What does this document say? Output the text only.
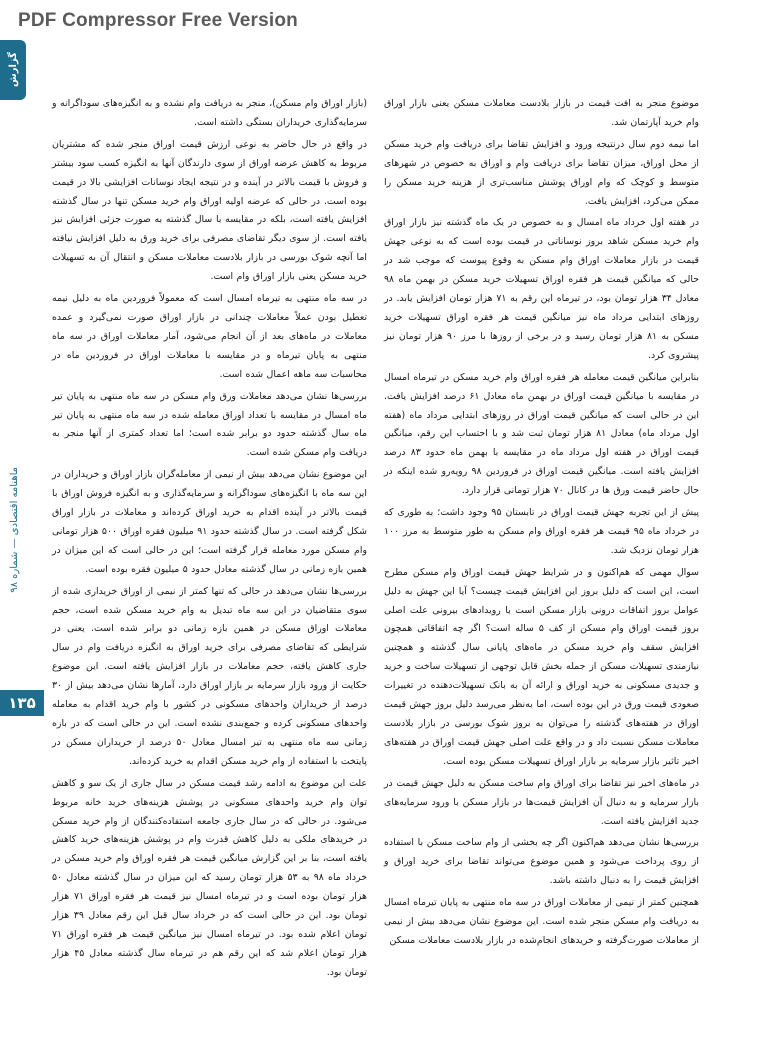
PDF Compressor Free Version
گزارش
ماهنامه اقتصادی — شماره ۹۸
۱۳۵

موضوع منجر به افت قیمت در بازار بلادست معاملات مسکن یعنی بازار اوراق وام خرید آپارتمان شد.

اما نیمه دوم سال درنتیجه ورود و افزایش تقاضا برای دریافت وام خرید مسکن از محل اوراق، میزان تقاضا برای دریافت وام و اوراق به خصوص در شهرهای متوسط و کوچک که وام اوراق پوشش مناسب‌تری از هزینه خرید مسکن را ممکن می‌کرد، افزایش یافت.

در هفته اول خرداد ماه امسال و به خصوص در یک ماه گذشته نیز بازار اوراق وام خرید مسکن شاهد بروز نوساناتی در قیمت بوده است که به نوعی جهش قیمت در بازار معاملات اوراق وام مسکن به وقوع پیوست که موجب شد در حالی که میانگین قیمت هر فقره اوراق تسهیلات خرید مسکن در بهمن ماه ۹۸ معادل ۳۴ هزار تومان بود، در تیرماه این رقم به ۷۱ هزار تومان افزایش یابد. در روزهای ابتدایی مرداد ماه نیز میانگین قیمت هر فقره اوراق تسهیلات خرید مسکن به ۸۱ هزار تومان رسید و در برخی از روزها با مرز ۹۰ هزار تومان نیز پیشروی کرد.

بنابراین میانگین قیمت معامله هر فقره اوراق وام خرید مسکن در تیرماه امسال در مقایسه با میانگین قیمت اوراق در بهمن ماه معادل ۶۱ درصد افزایش یافت. این در حالی است که میانگین قیمت اوراق در روزهای ابتدایی مرداد ماه (هفته اول مرداد ماه) معادل ۸۱ هزار تومان ثبت شد و با احتساب این رقم، میانگین قیمت اوراق در هفته اول مرداد ماه در مقایسه با بهمن ماه حدود ۸۳ درصد افزایش یافته است. میانگین قیمت اوراق در فروردین ۹۸ رویه‌رو شده اینکه در حال حاضر قیمت ورق ها در کانال ۷۰ هزار تومانی قرار دارد.

پیش از این تجربه جهش قیمت اوراق در تابستان ۹۵ وجود داشت؛ به طوری که در خرداد ماه ۹۵ قیمت هر فقره اوراق وام مسکن به طور متوسط به مرز ۱۰۰ هزار تومان نزدیک شد.

سوال مهمی که هم‌اکنون و در شرایط جهش قیمت اوراق وام مسکن مطرح است، این است که دلیل بروز این افزایش قیمت چیست؟ آیا این جهش به دلیل عوامل بروز اتفاقات درونی بازار مسکن است یا رویدادهای بیرونی علت اصلی بروز قیمت اوراق وام مسکن از کف ۵ ساله است؟ اگر چه اتفاقاتی همچون افزایش سقف وام خرید مسکن در ماه‌های پایانی سال گذشته و همچنین نیازمندی تسهیلات مسکن از جمله بخش قابل توجهی از تسهیلات ساخت و خرید و جدیدی مسکونی به خرید اوراق و ارائه آن به بانک تسهیلات‌دهنده در تغییرات صعودی قیمت ورق در این بوده است، اما به‌نظر می‌رسد دلیل بروز جهش قیمت اوراق در هفته‌های گذشته را می‌توان به بروز شوک بورسی در بازار بلادست معاملات مسکن نسبت داد و در واقع علت اصلی جهش قیمت اوراق در هفته‌های اخیر تاثیر بازار سرمایه بر بازار اوراق تسهیلات مسکن بوده است.

در ماه‌های اخیر نیز تقاضا برای اوراق وام ساخت مسکن به دلیل جهش قیمت در بازار سرمایه و به دنبال آن افزایش قیمت‌ها در بازار مسکن با ورود سرمایه‌های جدید افزایش یافته است.

بررسی‌ها نشان می‌دهد هم‌اکنون اگر چه بخشی از وام ساخت مسکن با استفاده از روی پرداخت می‌شود و همین موضوع می‌تواند تقاضا برای خرید اوراق و افزایش قیمت را به دنبال داشته باشد.

همچنین کمتر از نیمی از معاملات اوراق در سه ماه منتهی به پایان تیرماه امسال به دریافت وام مسکن منجر شده است. این موضوع نشان می‌دهد بیش از نیمی از معاملات صورت‌گرفته و خریدهای انجام‌شده در بازار بلادست معاملات مسکن

(بازار اوراق وام مسکن)، منجر به دریافت وام نشده و به انگیزه‌های سوداگرانه و سرمایه‌گذاری خریداران بستگی داشته است.

در واقع در حال حاضر به نوعی ارزش قیمت اوراق منجر شده که مشتریان مربوط به کاهش عرضه اوراق از سوی دارندگان آنها به انگیزه کسب سود بیشتر و فروش با قیمت بالاتر در آینده و در نتیجه ایجاد نوسانات افزایشی بالا در قیمت بوده است. در حالی که عرضه اولیه اوراق وام خرید مسکن تنها در سال گذشته افزایش یافته است، بلکه در مقایسه با سال گذشته به صورت جزئی افزایش نیز یافته است. از سوی دیگر تقاضای مصرفی برای خرید ورق به دلیل افزایش نیافته اما آنچه شوک بورسی در بازار بلادست معاملات مسکن و انتقال آن به تسهیلات خرید مسکن یعنی بازار اوراق وام است.

در سه ماه منتهی به تیرماه امسال است که معمولاً فروردین ماه به دلیل نیمه تعطیل بودن عملاً معاملات چندانی در بازار اوراق صورت نمی‌گیرد و عمده معاملات در ماه‌های بعد از آن انجام می‌شود، آمار معاملات اوراق در سه ماه منتهی به پایان تیرماه و در مقایسه با معاملات اوراق در فروردین ماه در محاسبات سه ماهه اعمال شده است.

بررسی‌ها نشان می‌دهد معاملات ورق وام مسکن در سه ماه منتهی به پایان تیر ماه امسال در مقایسه با تعداد اوراق معامله شده در سه ماه منتهی به پایان تیر ماه سال گذشته حدود دو برابر شده است؛ اما تعداد کمتری از آنها منجر به دریافت وام مسکن شده است.

این موضوع نشان می‌دهد بیش از نیمی از معامله‌گران بازار اوراق و خریداران در این سه ماه با انگیزه‌های سوداگرانه و سرمایه‌گذاری و به انگیزه فروش اوراق با قیمت بالاتر در آینده اقدام به خرید اوراق کرده‌اند و معاملات در بازار اوراق شکل گرفته است. در سال گذشته حدود ۹۱ میلیون فقره اوراق ۵۰۰ هزار تومانی وام مسکن مورد معامله قرار گرفته است؛ این در حالی است که این میزان در همین بازه زمانی در سال گذشته معادل حدود ۵ میلیون فقره بوده است.

بررسی‌ها نشان می‌دهد در حالی که تنها کمتر از نیمی از اوراق خریداری شده از سوی متقاضیان در این سه ماه تبدیل به وام خرید مسکن شده است، حجم معاملات اوراق مسکن در همین بازه زمانی دو برابر شده است. یعنی در شرایطی که تقاضای مصرفی برای خرید اوراق به انگیزه دریافت وام در سال جاری کاهش یافته، حجم معاملات در بازار افزایش یافته است. این موضوع حکایت از ورود بازار سرمایه بر بازار اوراق دارد، آمارها نشان می‌دهد بیش از ۳۰ درصد از خریداران واحدهای مسکونی در کشور با وام خرید اقدام به معامله واحدهای مسکونی کرده و جمع‌بندی نشده است. این در حالی است که در بازه زمانی سه ماه منتهی به تیر امسال معادل ۵۰ درصد از خریداران مسکن در پایتخت با استفاده از وام خرید مسکن اقدام به خرید کرده‌اند.

علت این موضوع به ادامه رشد قیمت مسکن در سال جاری از یک سو و کاهش توان وام خرید واحدهای مسکونی در پوشش هزینه‌های خرید خانه مربوط می‌شود. در حالی که در سال جاری جامعه استفاده‌کنندگان از وام خرید مسکن در خریدهای ملکی به دلیل کاهش قدرت وام در پوشش هزینه‌های خرید کاهش یافته است، بنا بر این گزارش میانگین قیمت هر فقره اوراق وام خرید مسکن در خرداد ماه ۹۸ به ۵۳ هزار تومان رسید که این میزان در سال گذشته معادل ۵۰ هزار تومان بوده است و در تیرماه امسال نیز قیمت هر فقره اوراق ۷۱ هزار تومان بود. این در حالی است که در خرداد سال قبل این رقم معادل ۳۹ هزار تومان اعلام شده بود. در تیرماه امسال نیز میانگین قیمت هر فقره اوراق ۷۱ هزار تومان اعلام شد که این رقم هم در تیرماه سال گذشته معادل ۴۵ هزار تومان بود.
